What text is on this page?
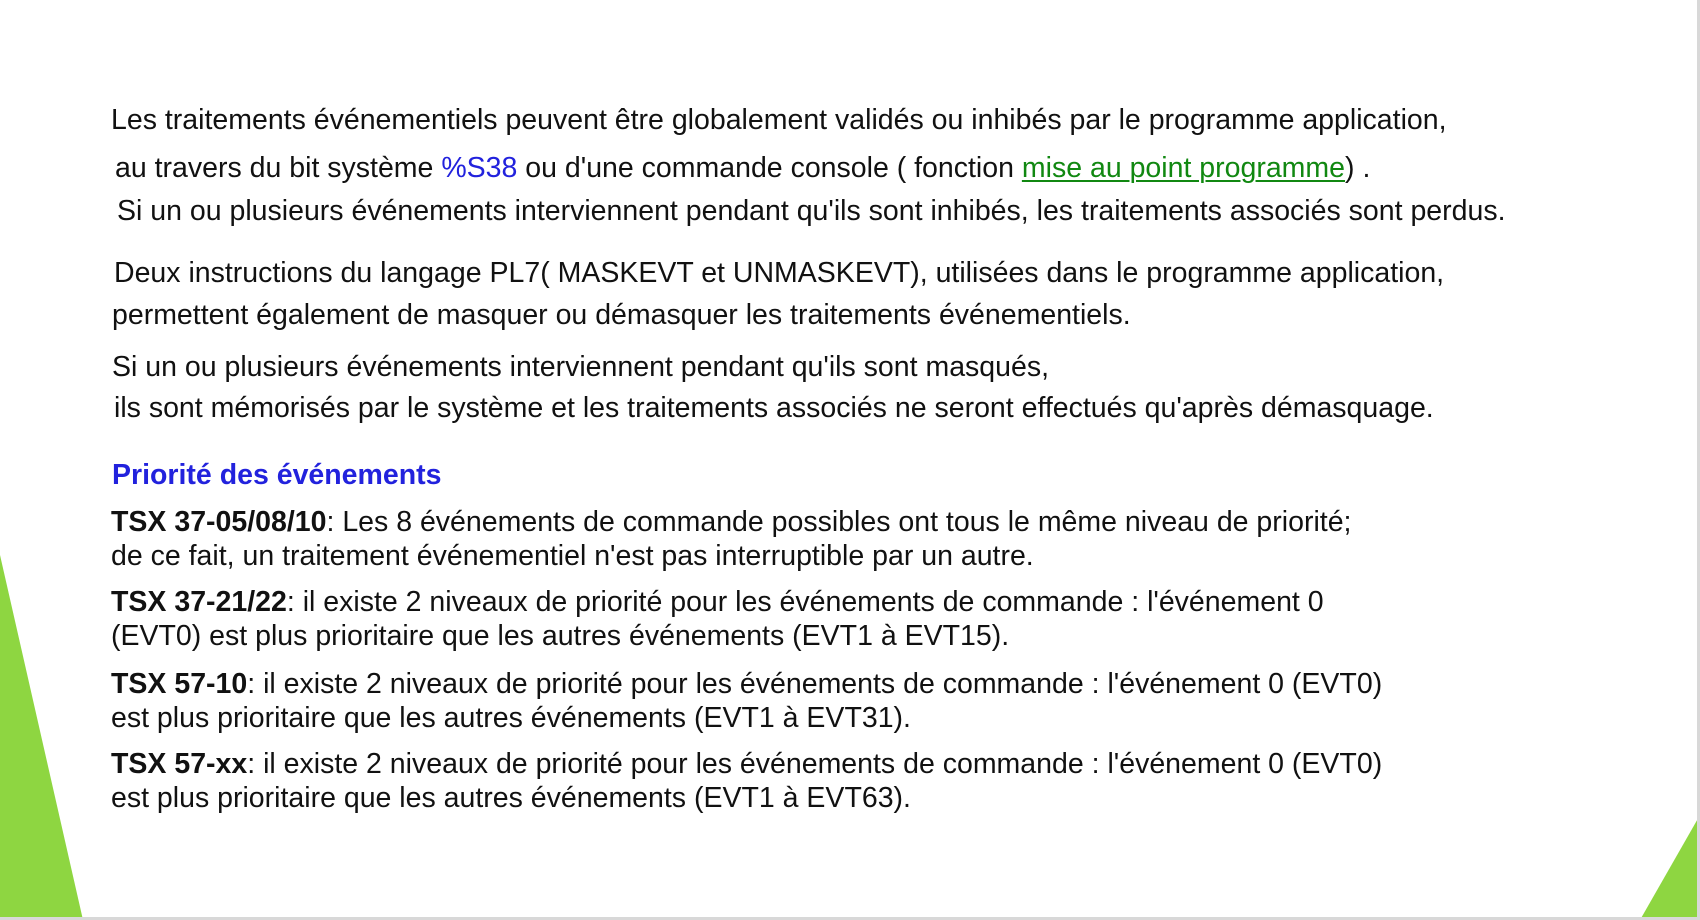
Les traitements événementiels peuvent être globalement validés ou inhibés par le programme application,
au travers du bit système %S38 ou d'une commande console ( fonction mise au point programme) .
Si un ou plusieurs événements interviennent pendant qu'ils sont inhibés, les traitements associés sont perdus.
Deux instructions du langage PL7( MASKEVT et UNMASKEVT), utilisées dans le programme application,
permettent également de masquer ou démasquer les traitements événementiels.
Si un ou plusieurs événements interviennent pendant qu'ils sont masqués,
ils sont mémorisés par le système et les traitements associés ne seront effectués qu'après démasquage.
Priorité des événements
TSX 37-05/08/10: Les 8 événements de commande possibles ont tous le même niveau de priorité;
de ce fait, un traitement événementiel n'est pas interruptible par un autre.
TSX 37-21/22: il existe 2 niveaux de priorité pour les événements de commande : l'événement 0
(EVT0) est plus prioritaire que les autres événements (EVT1 à EVT15).
TSX 57-10: il existe 2 niveaux de priorité pour les événements de commande : l'événement 0 (EVT0)
est plus prioritaire que les autres événements (EVT1 à EVT31).
TSX 57-xx: il existe 2 niveaux de priorité pour les événements de commande : l'événement 0 (EVT0)
est plus prioritaire que les autres événements (EVT1 à EVT63).
